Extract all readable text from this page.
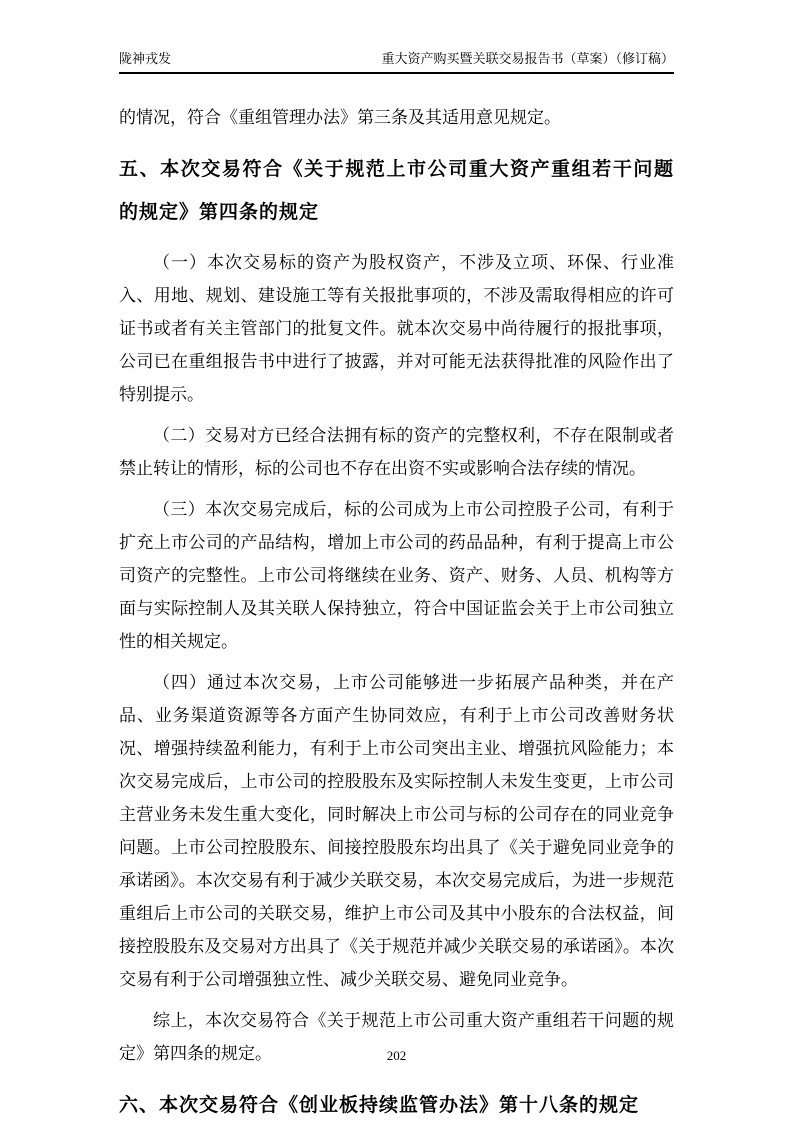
陇神戎发	重大资产购买暨关联交易报告书（草案）（修订稿）
的情况，符合《重组管理办法》第三条及其适用意见规定。
五、本次交易符合《关于规范上市公司重大资产重组若干问题的规定》第四条的规定
（一）本次交易标的资产为股权资产，不涉及立项、环保、行业准入、用地、规划、建设施工等有关报批事项的，不涉及需取得相应的许可证书或者有关主管部门的批复文件。就本次交易中尚待履行的报批事项，公司已在重组报告书中进行了披露，并对可能无法获得批准的风险作出了特别提示。
（二）交易对方已经合法拥有标的资产的完整权利，不存在限制或者禁止转让的情形，标的公司也不存在出资不实或影响合法存续的情况。
（三）本次交易完成后，标的公司成为上市公司控股子公司，有利于扩充上市公司的产品结构，增加上市公司的药品品种，有利于提高上市公司资产的完整性。上市公司将继续在业务、资产、财务、人员、机构等方面与实际控制人及其关联人保持独立，符合中国证监会关于上市公司独立性的相关规定。
（四）通过本次交易，上市公司能够进一步拓展产品种类，并在产品、业务渠道资源等各方面产生协同效应，有利于上市公司改善财务状况、增强持续盈利能力，有利于上市公司突出主业、增强抗风险能力；本次交易完成后，上市公司的控股股东及实际控制人未发生变更，上市公司主营业务未发生重大变化，同时解决上市公司与标的公司存在的同业竞争问题。上市公司控股股东、间接控股股东均出具了《关于避免同业竞争的承诺函》。本次交易有利于减少关联交易，本次交易完成后，为进一步规范重组后上市公司的关联交易，维护上市公司及其中小股东的合法权益，间接控股股东及交易对方出具了《关于规范并减少关联交易的承诺函》。本次交易有利于公司增强独立性、减少关联交易、避免同业竞争。
综上，本次交易符合《关于规范上市公司重大资产重组若干问题的规定》第四条的规定。
六、本次交易符合《创业板持续监管办法》第十八条的规定
202
